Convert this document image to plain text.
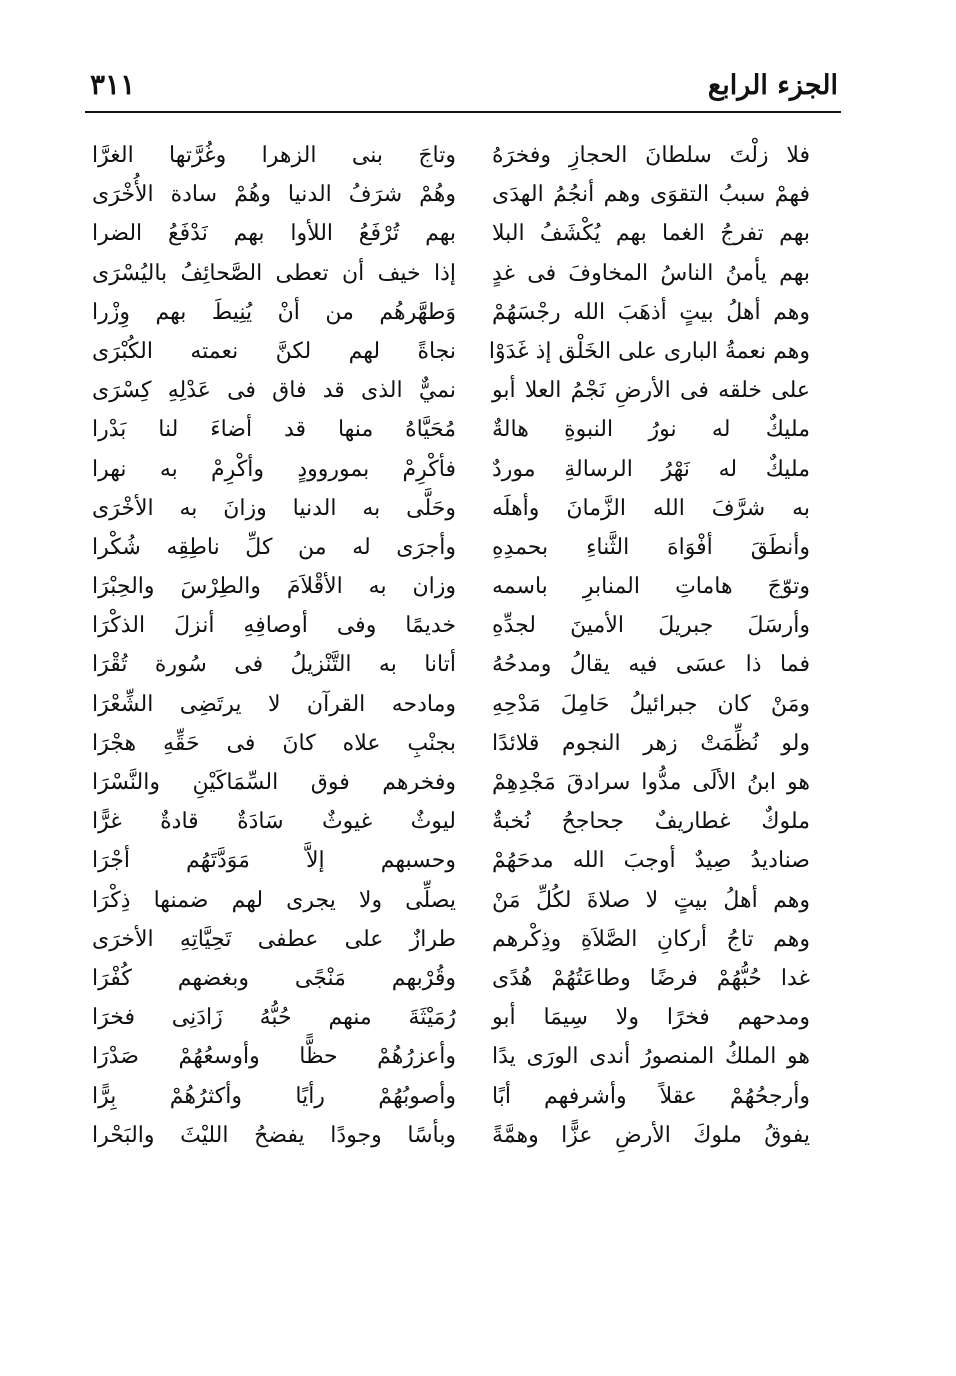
الجزء الرابع
٣١١
فلا زلْتَ سلطانَ الحجازِ وفخرَهُ
فهمْ سببُ التقوَى وهم أنجُمُ الهدَى
بهم تفرجُ الغما بهم يُكْشَفُ البلا
بهم يأمنُ الناسُ المخاوفَ فى غدٍ
وهم أهلُ بيتٍ أذهَبَ الله رجْسَهُمْ
وهم نعمةُ البارى على الخَلْق إذ غَدَوْا
على خلقه فى الأرضِ نَجْمُ العلا أبو
مليكٌ له نورُ النبوةِ هالةٌ
مليكٌ له نَهْرُ الرسالةِ موردٌ
به شرَّفَ الله الزَّمانَ وأهلَه
وأنطَقَ أفْوَاهَ الثَّناءِ بحمدِهِ
وتوّجَ هاماتِ المنابرِ باسمه
وأرسَلَ جبريلَ الأمينَ لجدِّهِ
فما ذا عسَى فيه يقالُ ومدحُهُ
ومَنْ كان جبرائيلُ حَامِلَ مَدْحِهِ
ولو نُظِّمَتْ زهر النجوم قلائدًا
هو ابنُ الألَى مدُّوا سرادقَ مَجْدِهِمْ
ملوكٌ غطاريفٌ جحاجحُ نُخبةٌ
صناديدُ صِيدٌ أوجبَ الله مدحَهُمْ
وهم أهلُ بيتٍ لا صلاةَ لكُلِّ مَنْ
وهم تاجُ أركانِ الصَّلاَةِ وذِكْرهم
غدا حُبُّهُمْ فرضًا وطاعَتُهُمْ هُدًى
ومدحهم فخرًا ولا سِيمَا أبو
هو الملكُ المنصورُ أندى الورَى يدًا
وأرجحُهُمْ عقلاً وأشرفهم أبًا
يفوقُ ملوكَ الأرضِ عزًّا وهمَّةً
وتاجَ بنى الزهرا وغُرَّتها الغرَّا
وهُمْ شرَفُ الدنيا وهُمْ سادة الأُخْرَى
بهم تُرْفَعُ اللأوا بهم نَدْفَعُ الضرا
إذا خيف أن تعطى الصَّحائِفُ باليُسْرَى
وَطهَّرهُم من أنْ يُنِيطَ بهم وِزْرا
نجاةً لهم لكنَّ نعمته الكُبْرَى
نميٌّ الذى قد فاق فى عَدْلِهِ كِسْرَى
مُحَيَّاهُ منها قد أضاءَ لنا بَدْرا
فأكْرِمْ بموروودٍ وأكْرِمْ به نهرا
وحَلَّى به الدنيا وزانَ به الأخْرَى
وأجرَى له من كلِّ ناطِقِه شُكْرا
وزان به الأقْلاَمَ والطِرْسَ والحِبْرَا
خديمًا وفى أوصافِهِ أنزلَ الذكْرَا
أتانا به التَّنْزيلُ فى سُورة تُقْرَا
ومادحه القرآن لا يرتَضِى الشِّعْرَا
بجنْبِ علاه كانَ فى حَقِّهِ هجْرَا
وفخرهم فوق السِّمَاكَيْنِ والنَّسْرَا
ليوثٌ غيوثٌ سَادَةٌ قادةٌ غرًّا
وحسبهم إلاَّ مَوَدَّتَهُم أجْرَا
يصلِّى ولا يجرى لهم ضمنها ذِكْرَا
طرازٌ على عطفى تَحِيَّاتِهِ الأخرَى
وقُرْبهم مَنْجًى وبغضهم كُفْرَا
رُمَيْثَةَ منهم حُبُّهُ زَادَنِى فخرَا
وأعزرُهُمْ حظًّا وأوسعُهُمْ صَدْرَا
وأصوبُهُمْ رأيًا وأكثرُهُمْ بِرًّا
وبأسًا وجودًا يفضحُ الليْثَ والبَحْرا
